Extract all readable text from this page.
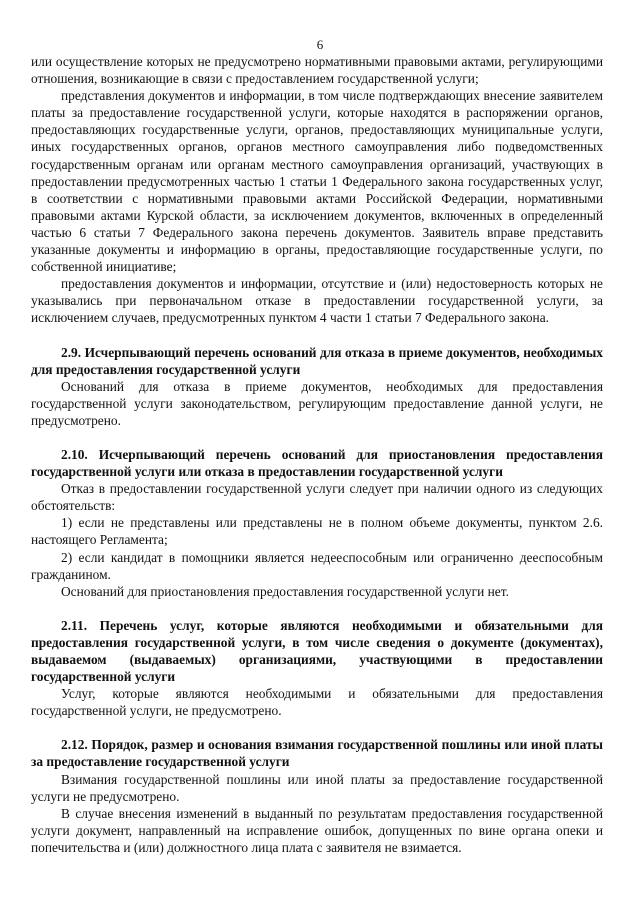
6

или осуществление которых не предусмотрено нормативными правовыми актами, регулирующими отношения, возникающие в связи с предоставлением государственной услуги;

представления документов и информации, в том числе подтверждающих внесение заявителем платы за предоставление государственной услуги, которые находятся в распоряжении органов, предоставляющих государственные услуги, органов, предоставляющих муниципальные услуги, иных государственных органов, органов местного самоуправления либо подведомственных государственным органам или органам местного самоуправления организаций, участвующих в предоставлении предусмотренных частью 1 статьи 1 Федерального закона государственных услуг, в соответствии с нормативными правовыми актами Российской Федерации, нормативными правовыми актами Курской области, за исключением документов, включенных в определенный частью 6 статьи 7 Федерального закона перечень документов. Заявитель вправе представить указанные документы и информацию в органы, предоставляющие государственные услуги, по собственной инициативе;

предоставления документов и информации, отсутствие и (или) недостоверность которых не указывались при первоначальном отказе в предоставлении государственной услуги, за исключением случаев, предусмотренных пунктом 4 части 1 статьи 7 Федерального закона.

2.9. Исчерпывающий перечень оснований для отказа в приеме документов, необходимых для предоставления государственной услуги

Оснований для отказа в приеме документов, необходимых для предоставления государственной услуги законодательством, регулирующим предоставление данной услуги, не предусмотрено.

2.10. Исчерпывающий перечень оснований для приостановления предоставления государственной услуги или отказа в предоставлении государственной услуги

Отказ в предоставлении государственной услуги следует при наличии одного из следующих обстоятельств:

1) если не представлены или представлены не в полном объеме документы, пунктом 2.6. настоящего Регламента;

2) если кандидат в помощники является недееспособным или ограниченно дееспособным гражданином.

Оснований для приостановления предоставления государственной услуги нет.

2.11. Перечень услуг, которые являются необходимыми и обязательными для предоставления государственной услуги, в том числе сведения о документе (документах), выдаваемом (выдаваемых) организациями, участвующими в предоставлении государственной услуги

Услуг, которые являются необходимыми и обязательными для предоставления государственной услуги, не предусмотрено.

2.12. Порядок, размер и основания взимания государственной пошлины или иной платы за предоставление государственной услуги

Взимания государственной пошлины или иной платы за предоставление государственной услуги не предусмотрено.

В случае внесения изменений в выданный по результатам предоставления государственной услуги документ, направленный на исправление ошибок, допущенных по вине органа опеки и попечительства и (или) должностного лица плата с заявителя не взимается.
